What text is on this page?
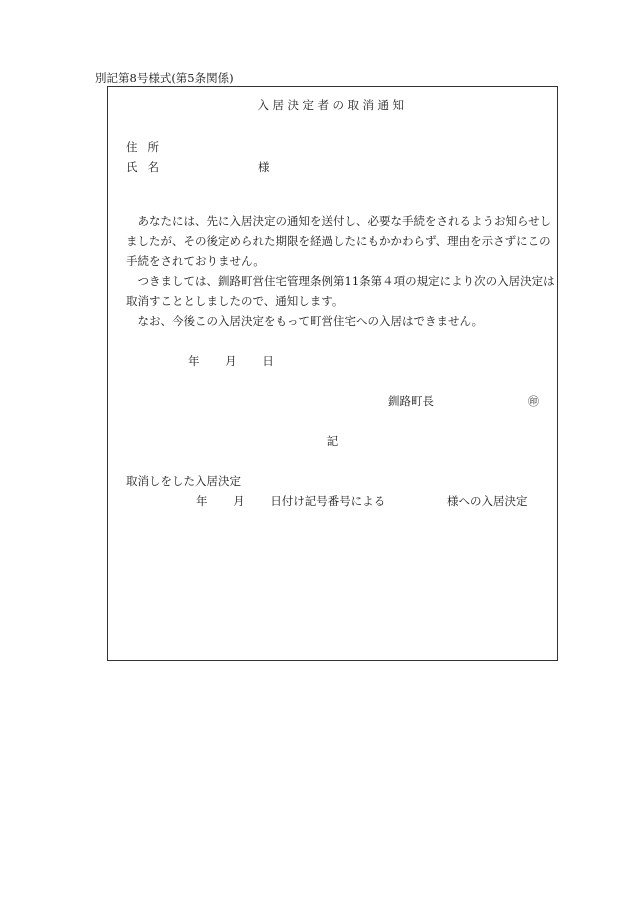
別記第8号様式(第5条関係)
入居決定者の取消通知
住所
氏名	様

あなたには、先に入居決定の通知を送付し、必要な手続をされるようお知らせし

ましたが、その後定められた期限を経過したにもかかわらず、理由を示さずにこの

手続をされておりません。

つきましては、釧路町営住宅管理条例第11条第４項の規定により次の入居決定は

取消すこととしましたので、通知します。

なお、今後この入居決定をもって町営住宅への入居はできません。

年 月 日
釧路町長	㊞
記
取消しをした入居決定
年 月 日付け記号番号による	様への入居決定
